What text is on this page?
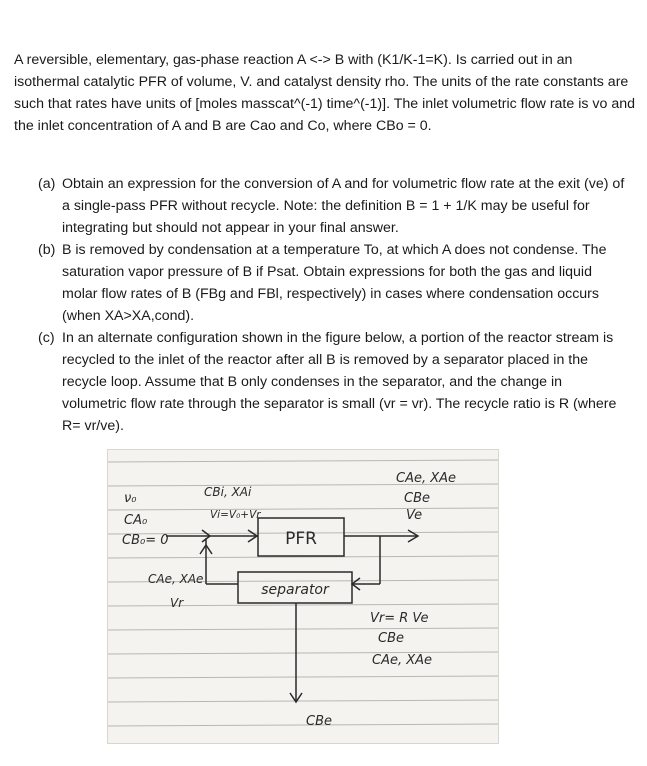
A reversible, elementary, gas-phase reaction A <-> B with (K1/K-1=K). Is carried out in an isothermal catalytic PFR of volume, V. and catalyst density rho. The units of the rate constants are such that rates have units of [moles masscat^(-1) time^(-1)]. The inlet volumetric flow rate is vo and the inlet concentration of A and B are Cao and Co, where CBo = 0.

(a) Obtain an expression for the conversion of A and for volumetric flow rate at the exit (ve) of a single-pass PFR without recycle. Note: the definition B = 1 + 1/K may be useful for integrating but should not appear in your final answer.
(b) B is removed by condensation at a temperature To, at which A does not condense. The saturation vapor pressure of B if Psat. Obtain expressions for both the gas and liquid molar flow rates of B (FBg and FBl, respectively) in cases where condensation occurs (when XA>XA,cond).
(c) In an alternate configuration shown in the figure below, a portion of the reactor stream is recycled to the inlet of the reactor after all B is removed by a separator placed in the recycle loop. Assume that B only condenses in the separator, and the change in volumetric flow rate through the separator is small (vr = vr). The recycle ratio is R (where R= vr/ve).
PFR
separator
ν₀
CA₀
CB₀= 0
CBi, XAi
Vi=V₀+Vr
CAe, XAe
CBe
Ve
CAe, XAe
Vr
Vr= R Ve
CBe
CAe, XAe
CBe
